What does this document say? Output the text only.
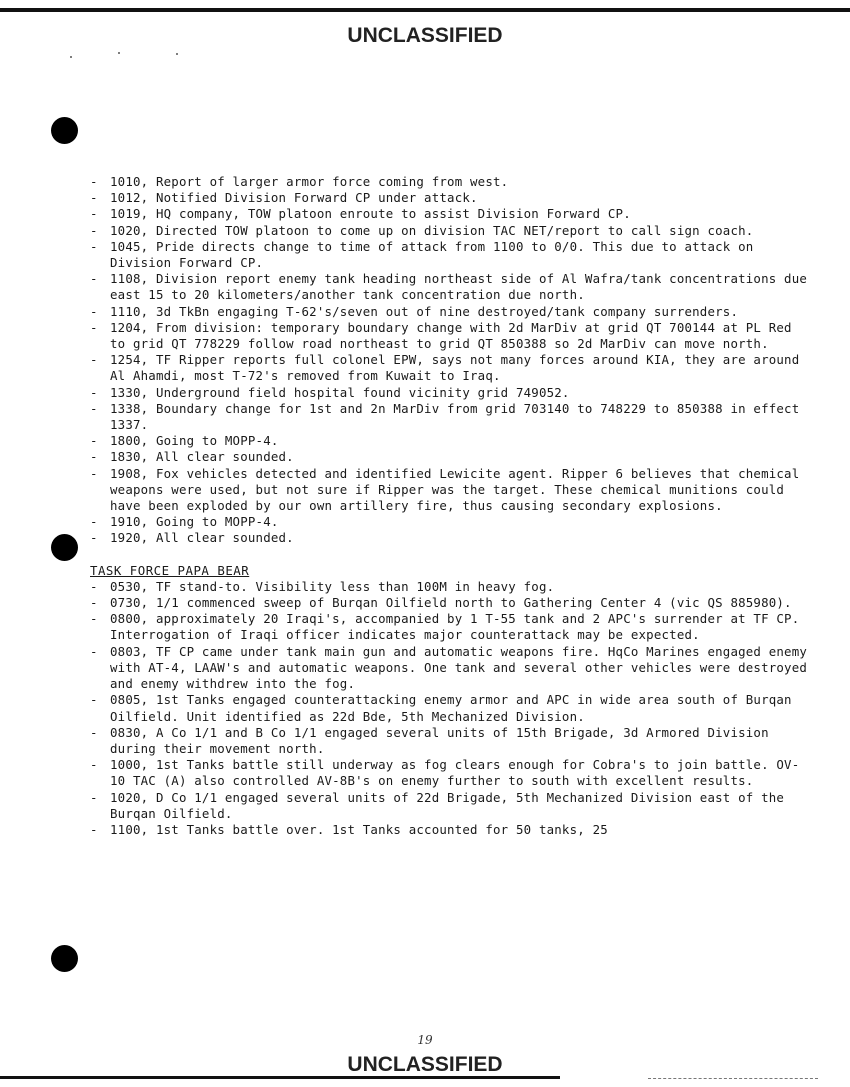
UNCLASSIFIED
- 1010, Report of larger armor force coming from west.
- 1012, Notified Division Forward CP under attack.
- 1019, HQ company, TOW platoon enroute to assist Division Forward CP.
- 1020, Directed TOW platoon to come up on division TAC NET/report to call sign coach.
- 1045, Pride directs change to time of attack from 1100 to 0/0. This due to attack on Division Forward CP.
- 1108, Division report enemy tank heading northeast side of Al Wafra/tank concentrations due east 15 to 20 kilometers/another tank concentration due north.
- 1110, 3d TkBn engaging T-62's/seven out of nine destroyed/tank company surrenders.
- 1204, From division: temporary boundary change with 2d MarDiv at grid QT 700144 at PL Red to grid QT 778229 follow road northeast to grid QT 850388 so 2d MarDiv can move north.
- 1254, TF Ripper reports full colonel EPW, says not many forces around KIA, they are around Al Ahamdi, most T-72's removed from Kuwait to Iraq.
- 1330, Underground field hospital found vicinity grid 749052.
- 1338, Boundary change for 1st and 2n MarDiv from grid 703140 to 748229 to 850388 in effect 1337.
- 1800, Going to MOPP-4.
- 1830, All clear sounded.
- 1908, Fox vehicles detected and identified Lewicite agent. Ripper 6 believes that chemical weapons were used, but not sure if Ripper was the target. These chemical munitions could have been exploded by our own artillery fire, thus causing secondary explosions.
- 1910, Going to MOPP-4.
- 1920, All clear sounded.
TASK FORCE PAPA BEAR
- 0530, TF stand-to. Visibility less than 100M in heavy fog.
- 0730, 1/1 commenced sweep of Burqan Oilfield north to Gathering Center 4 (vic QS 885980).
- 0800, approximately 20 Iraqi's, accompanied by 1 T-55 tank and 2 APC's surrender at TF CP. Interrogation of Iraqi officer indicates major counterattack may be expected.
- 0803, TF CP came under tank main gun and automatic weapons fire. HqCo Marines engaged enemy with AT-4, LAAW's and automatic weapons. One tank and several other vehicles were destroyed and enemy withdrew into the fog.
- 0805, 1st Tanks engaged counterattacking enemy armor and APC in wide area south of Burqan Oilfield. Unit identified as 22d Bde, 5th Mechanized Division.
- 0830, A Co 1/1 and B Co 1/1 engaged several units of 15th Brigade, 3d Armored Division during their movement north.
- 1000, 1st Tanks battle still underway as fog clears enough for Cobra's to join battle. OV-10 TAC (A) also controlled AV-8B's on enemy further to south with excellent results.
- 1020, D Co 1/1 engaged several units of 22d Brigade, 5th Mechanized Division east of the Burqan Oilfield.
- 1100, 1st Tanks battle over. 1st Tanks accounted for 50 tanks, 25
19
UNCLASSIFIED
